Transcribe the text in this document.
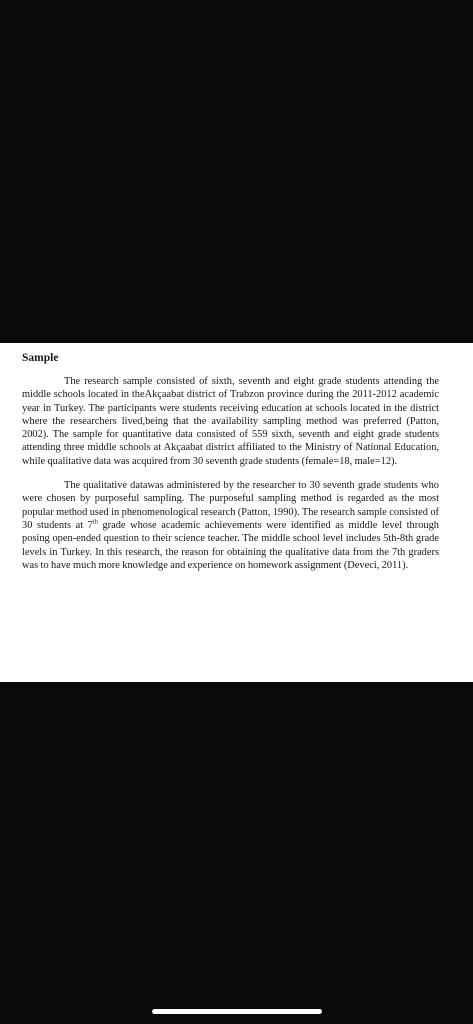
Sample

The research sample consisted of sixth, seventh and eight grade students attending the middle schools located in theAkçaabat district of Trabzon province during the 2011-2012 academic year in Turkey. The participants were students receiving education at schools located in the district where the researchers lived,being that the availability sampling method was preferred (Patton, 2002). The sample for quantitative data consisted of 559 sixth, seventh and eight grade students attending three middle schools at Akçaabat district affiliated to the Ministry of National Education, while qualitative data was acquired from 30 seventh grade students (female=18, male=12).

The qualitative datawas administered by the researcher to 30 seventh grade students who were chosen by purposeful sampling. The purposeful sampling method is regarded as the most popular method used in phenomenological research (Patton, 1990). The research sample consisted of 30 students at 7th grade whose academic achievements were identified as middle level through posing open-ended question to their science teacher. The middle school level includes 5th-8th grade levels in Turkey. In this research, the reason for obtaining the qualitative data from the 7th graders was to have much more knowledge and experience on homework assignment (Deveci, 2011).
